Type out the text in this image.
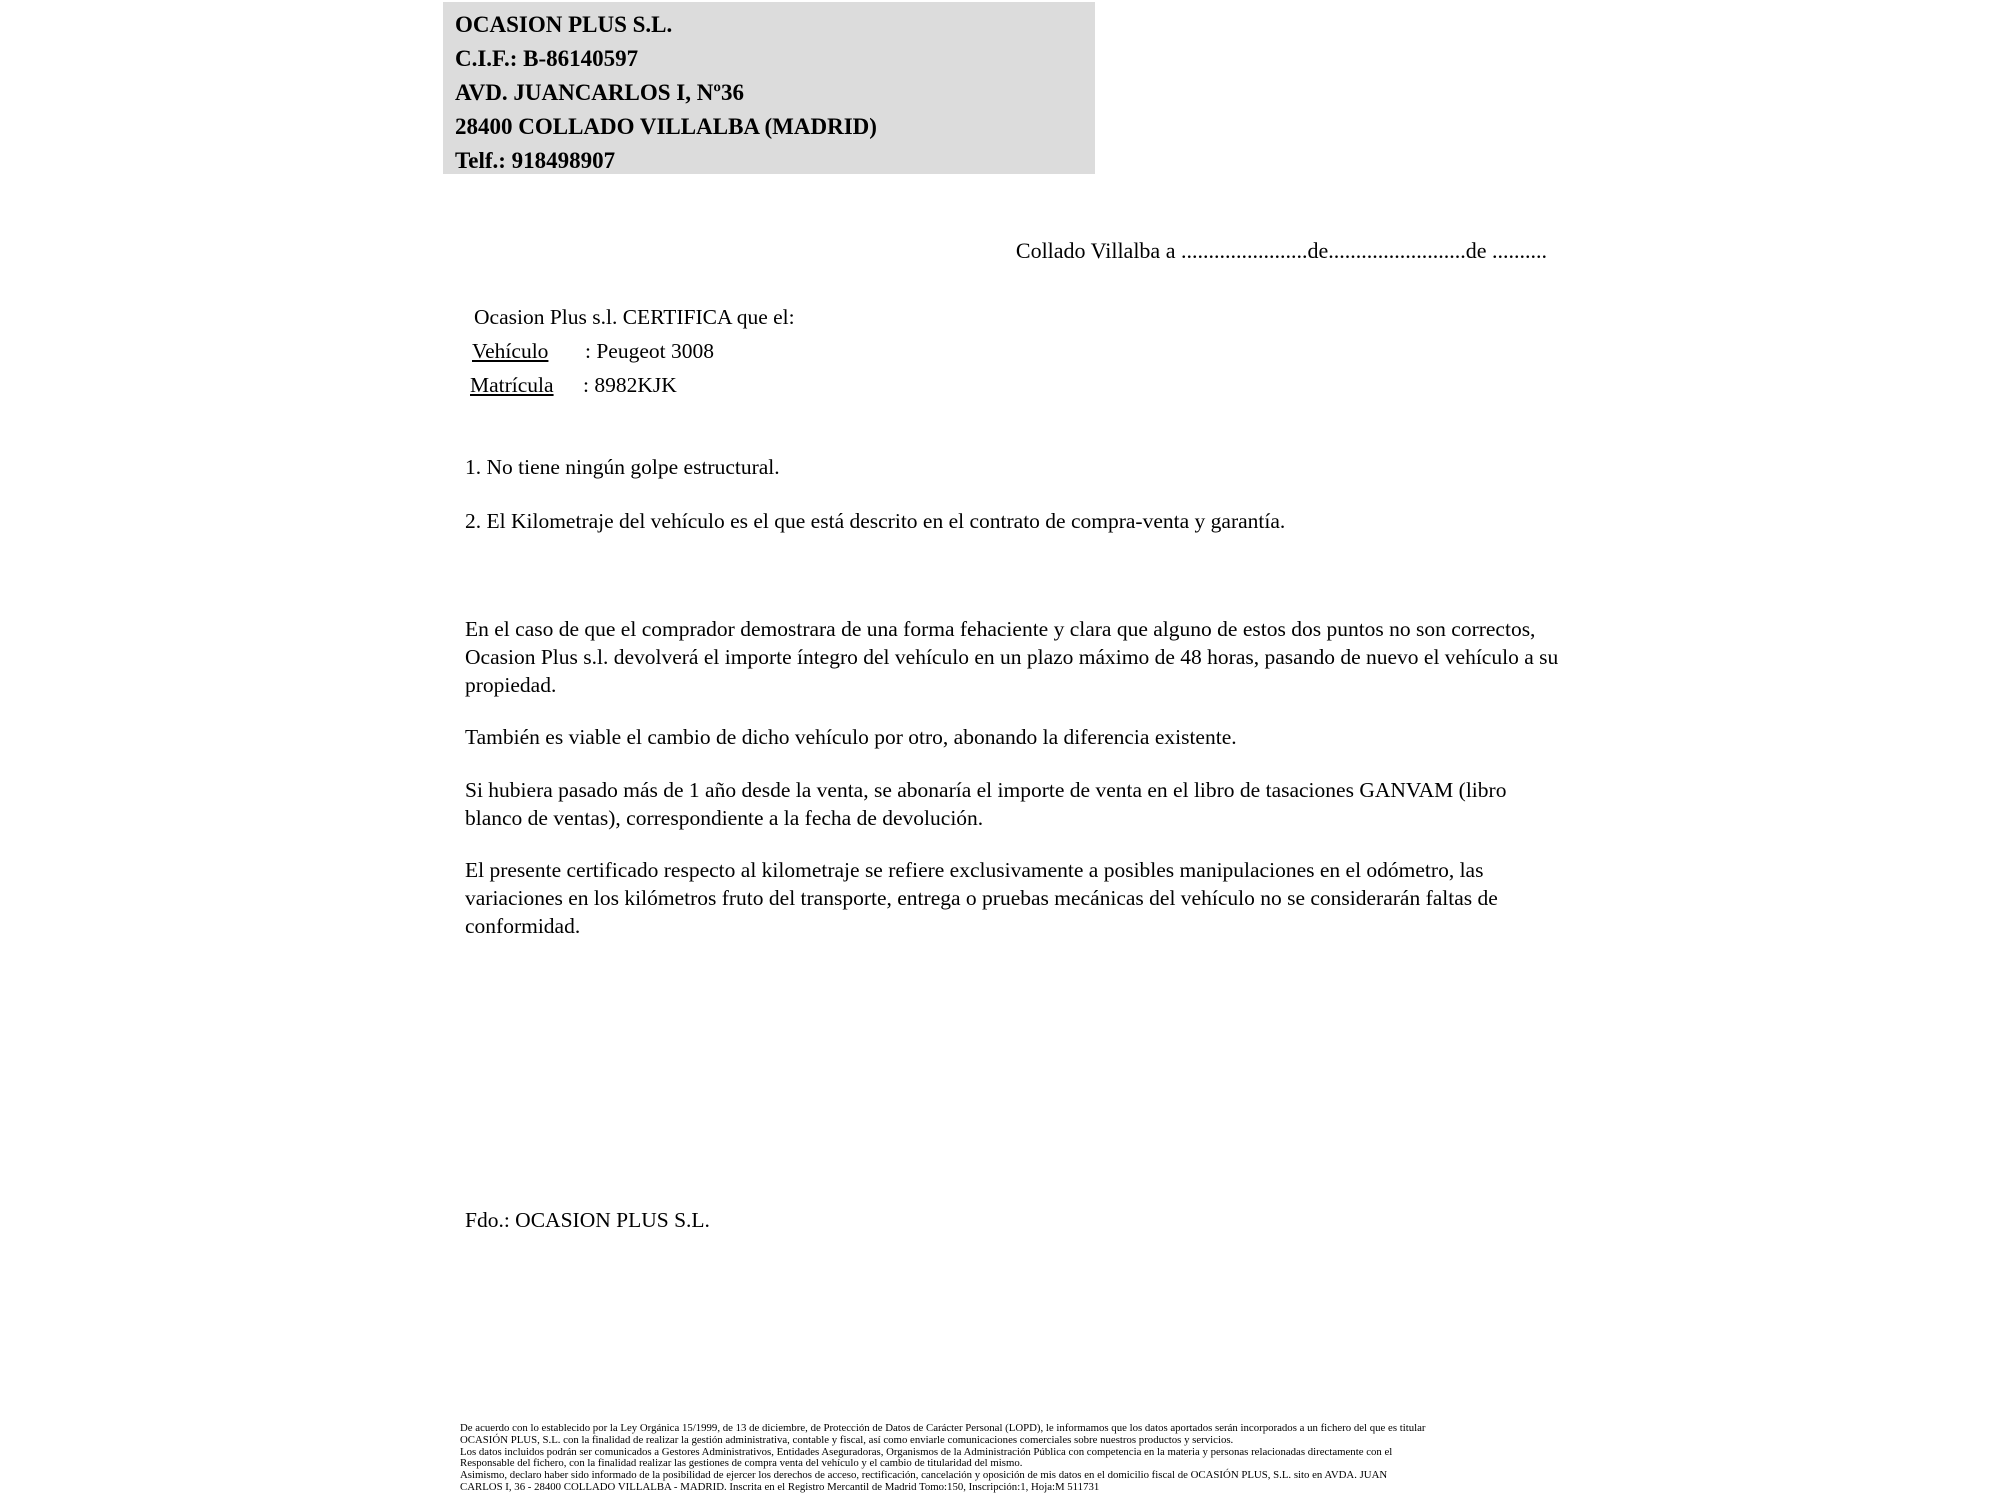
OCASION PLUS S.L.
C.I.F.: B-86140597
AVD. JUANCARLOS I, Nº36
28400 COLLADO VILLALBA (MADRID)
Telf.: 918498907
Collado Villalba a .......................de.........................de ..........
Ocasion Plus s.l. CERTIFICA que el:
Vehículo : Peugeot 3008
Matrícula : 8982KJK
1. No tiene ningún golpe estructural.
2. El Kilometraje del vehículo es el que está descrito en el contrato de compra-venta y garantía.
En el caso de que el comprador demostrara de una forma fehaciente y clara que alguno de estos dos puntos no son correctos, Ocasion Plus s.l. devolverá el importe íntegro del vehículo en un plazo máximo de 48 horas, pasando de nuevo el vehículo a su propiedad.
También es viable el cambio de dicho vehículo por otro, abonando la diferencia existente.
Si hubiera pasado más de 1 año desde la venta, se abonaría el importe de venta en el libro de tasaciones GANVAM (libro blanco de ventas), correspondiente a la fecha de devolución.
El presente certificado respecto al kilometraje se refiere exclusivamente a posibles manipulaciones en el odómetro, las variaciones en los kilómetros fruto del transporte, entrega o pruebas mecánicas del vehículo no se considerarán faltas de conformidad.
Fdo.: OCASION PLUS S.L.
De acuerdo con lo establecido por la Ley Orgánica 15/1999, de 13 de diciembre, de Protección de Datos de Carácter Personal (LOPD), le informamos que los datos aportados serán incorporados a un fichero del que es titular
OCASIÓN PLUS, S.L. con la finalidad de realizar la gestión administrativa, contable y fiscal, así como enviarle comunicaciones comerciales sobre nuestros productos y servicios.
Los datos incluidos podrán ser comunicados a Gestores Administrativos, Entidades Aseguradoras, Organismos de la Administración Pública con competencia en la materia y personas relacionadas directamente con el
Responsable del fichero, con la finalidad realizar las gestiones de compra venta del vehículo y el cambio de titularidad del mismo.
Asimismo, declaro haber sido informado de la posibilidad de ejercer los derechos de acceso, rectificación, cancelación y oposición de mis datos en el domicilio fiscal de OCASIÓN PLUS, S.L. sito en AVDA. JUAN
CARLOS I, 36 - 28400 COLLADO VILLALBA - MADRID. Inscrita en el Registro Mercantil de Madrid Tomo:150, Inscripción:1, Hoja:M 511731
